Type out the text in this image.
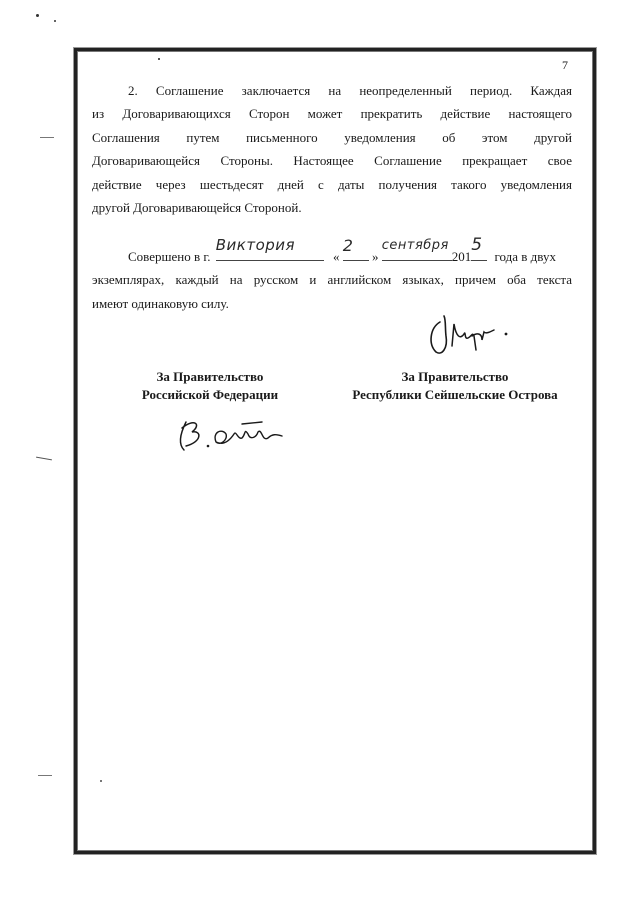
7
2. Соглашение заключается на неопределенный период. Каждая
из Договаривающихся Сторон может прекратить действие настоящего
Соглашения путем письменного уведомления об этом другой
Договаривающейся Стороны. Настоящее Соглашение прекращает свое
действие через шестьдесят дней с даты получения такого уведомления
другой Договаривающейся Стороной.
Совершено в г.
Виктория
«
2
»
сентября
201
5
года в двух
экземплярах, каждый на русском и английском языках, причем оба текста
имеют одинаковую силу.
За Правительство
Российской Федерации
За Правительство
Республики Сейшельские Острова
